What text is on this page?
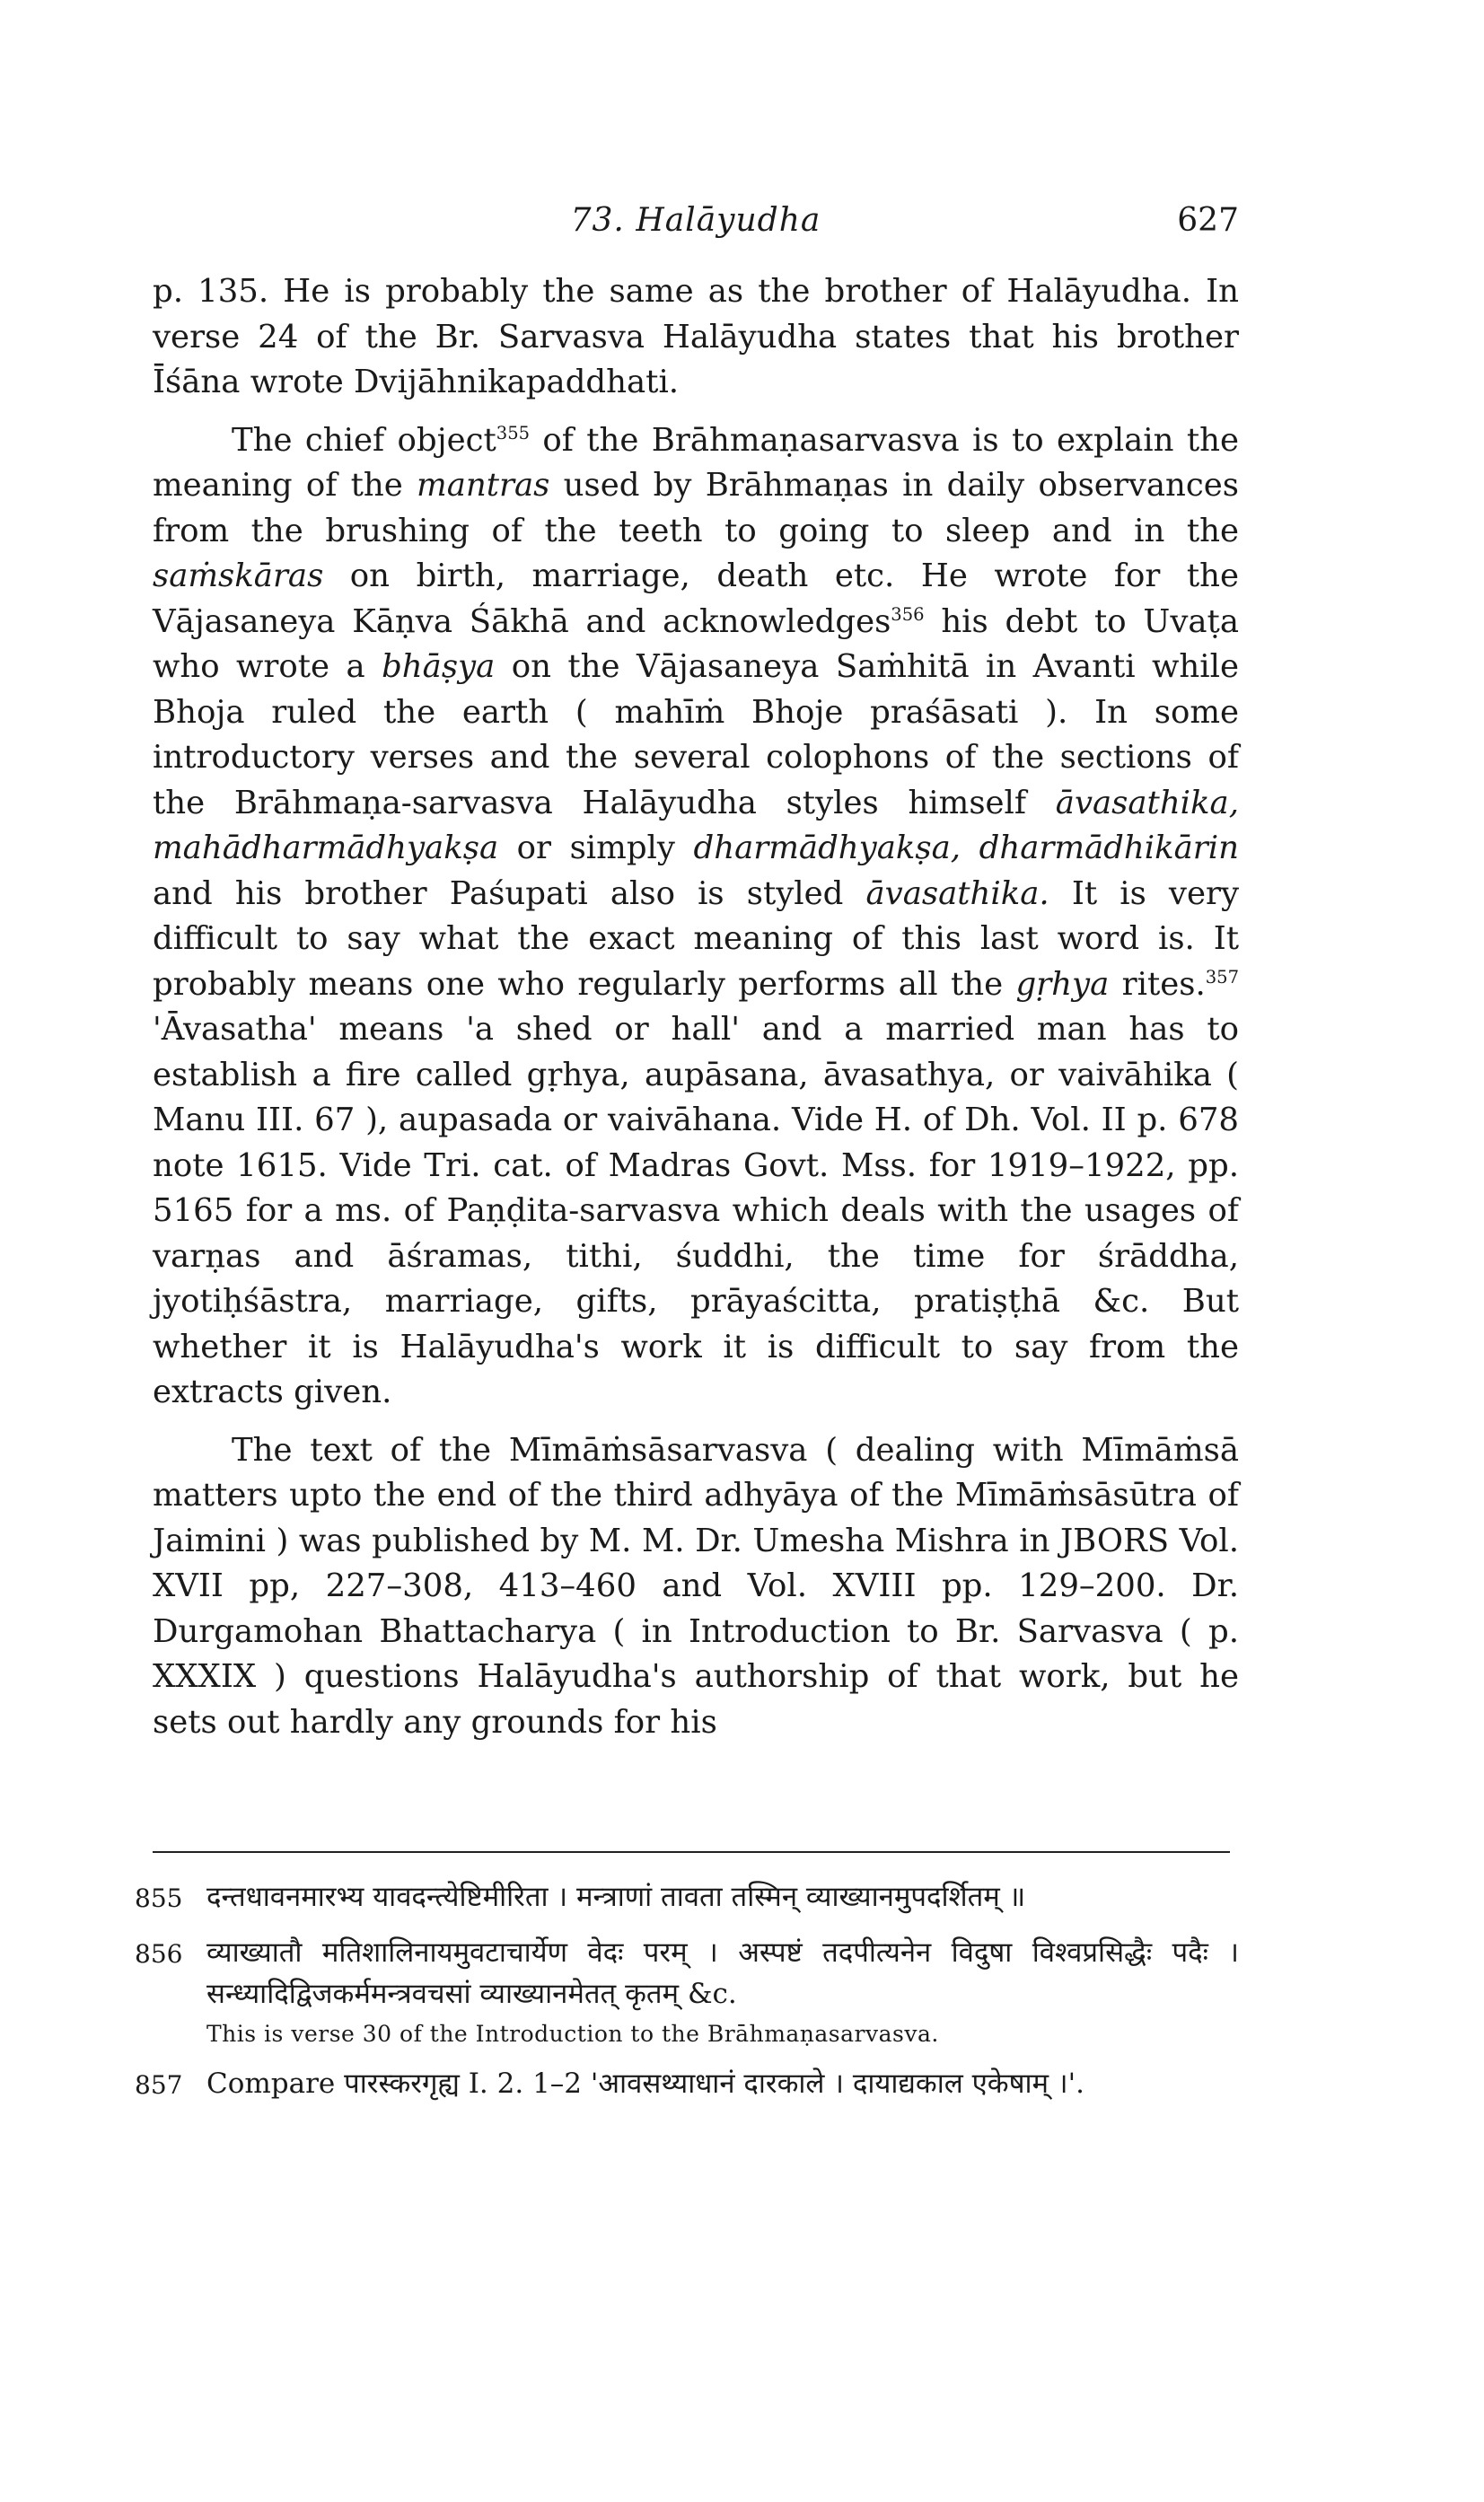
73. Halāyudha	627

p. 135. He is probably the same as the brother of Halāyudha. In verse 24 of the Br. Sarvasva Halāyudha states that his brother Īśāna wrote Dvijāhnikapaddhati.

The chief object$^{355}$ of the Brāhmaṇasarvasva is to explain the meaning of the mantras used by Brāhmaṇas in daily observances from the brushing of the teeth to going to sleep and in the saṁskāras on birth, marriage, death etc. He wrote for the Vājasaneya Kāṇva Śākhā and acknowledges$^{356}$ his debt to Uvaṭa who wrote a bhāṣya on the Vājasaneya Saṁhitā in Avanti while Bhoja ruled the earth ( mahīṁ Bhoje praśāsati ). In some introductory verses and the several colophons of the sections of the Brāhmaṇa-sarvasva Halāyudha styles himself āvasathika, mahādharmādhyakṣa or simply dharmādhyakṣa, dharmādhikārin and his brother Paśupati also is styled āvasathika. It is very difficult to say what the exact meaning of this last word is. It probably means one who regularly performs all the gṛhya rites.$^{357}$ 'Āvasatha' means 'a shed or hall' and a married man has to establish a fire called gṛhya, aupāsana, āvasathya, or vaivāhika ( Manu III. 67 ), aupasada or vaivāhana. Vide H. of Dh. Vol. II p. 678 note 1615. Vide Tri. cat. of Madras Govt. Mss. for 1919–1922, pp. 5165 for a ms. of Paṇḍita-sarvasva which deals with the usages of varṇas and āśramas, tithi, śuddhi, the time for śrāddha, jyotiḥśāstra, marriage, gifts, prāyaścitta, pratiṣṭhā &c. But whether it is Halāyudha's work it is difficult to say from the extracts given.

The text of the Mīmāṁsāsarvasva ( dealing with Mīmāṁsā matters upto the end of the third adhyāya of the Mīmāṁsāsūtra of Jaimini ) was published by M. M. Dr. Umesha Mishra in JBORS Vol. XVII pp, 227–308, 413–460 and Vol. XVIII pp. 129–200. Dr. Durgamohan Bhattacharya ( in Introduction to Br. Sarvasva ( p. XXXIX ) questions Halāyudha's authorship of that work, but he sets out hardly any grounds for his

855 दन्तधावनमारभ्य यावदन्त्येष्टिमीरिता । मन्त्राणां तावता तस्मिन् व्याख्यानमुपदर्शितम् ॥
856 व्याख्यातौ मतिशालिनायमुवटाचार्येण वेदः परम् । अस्पष्टं तदपीत्यनेन विदुषा विश्वप्रसिद्धैः पदैः । सन्ध्यादिद्विजकर्ममन्त्रवचसां व्याख्यानमेतत् कृतम् &c.
This is verse 30 of the Introduction to the Brāhmaṇasarvasva.
857 Compare पारस्करगृह्य I. 2. 1–2 'आवसथ्याधानं दारकाले । दायाद्यकाल एकेषाम् ।'.
